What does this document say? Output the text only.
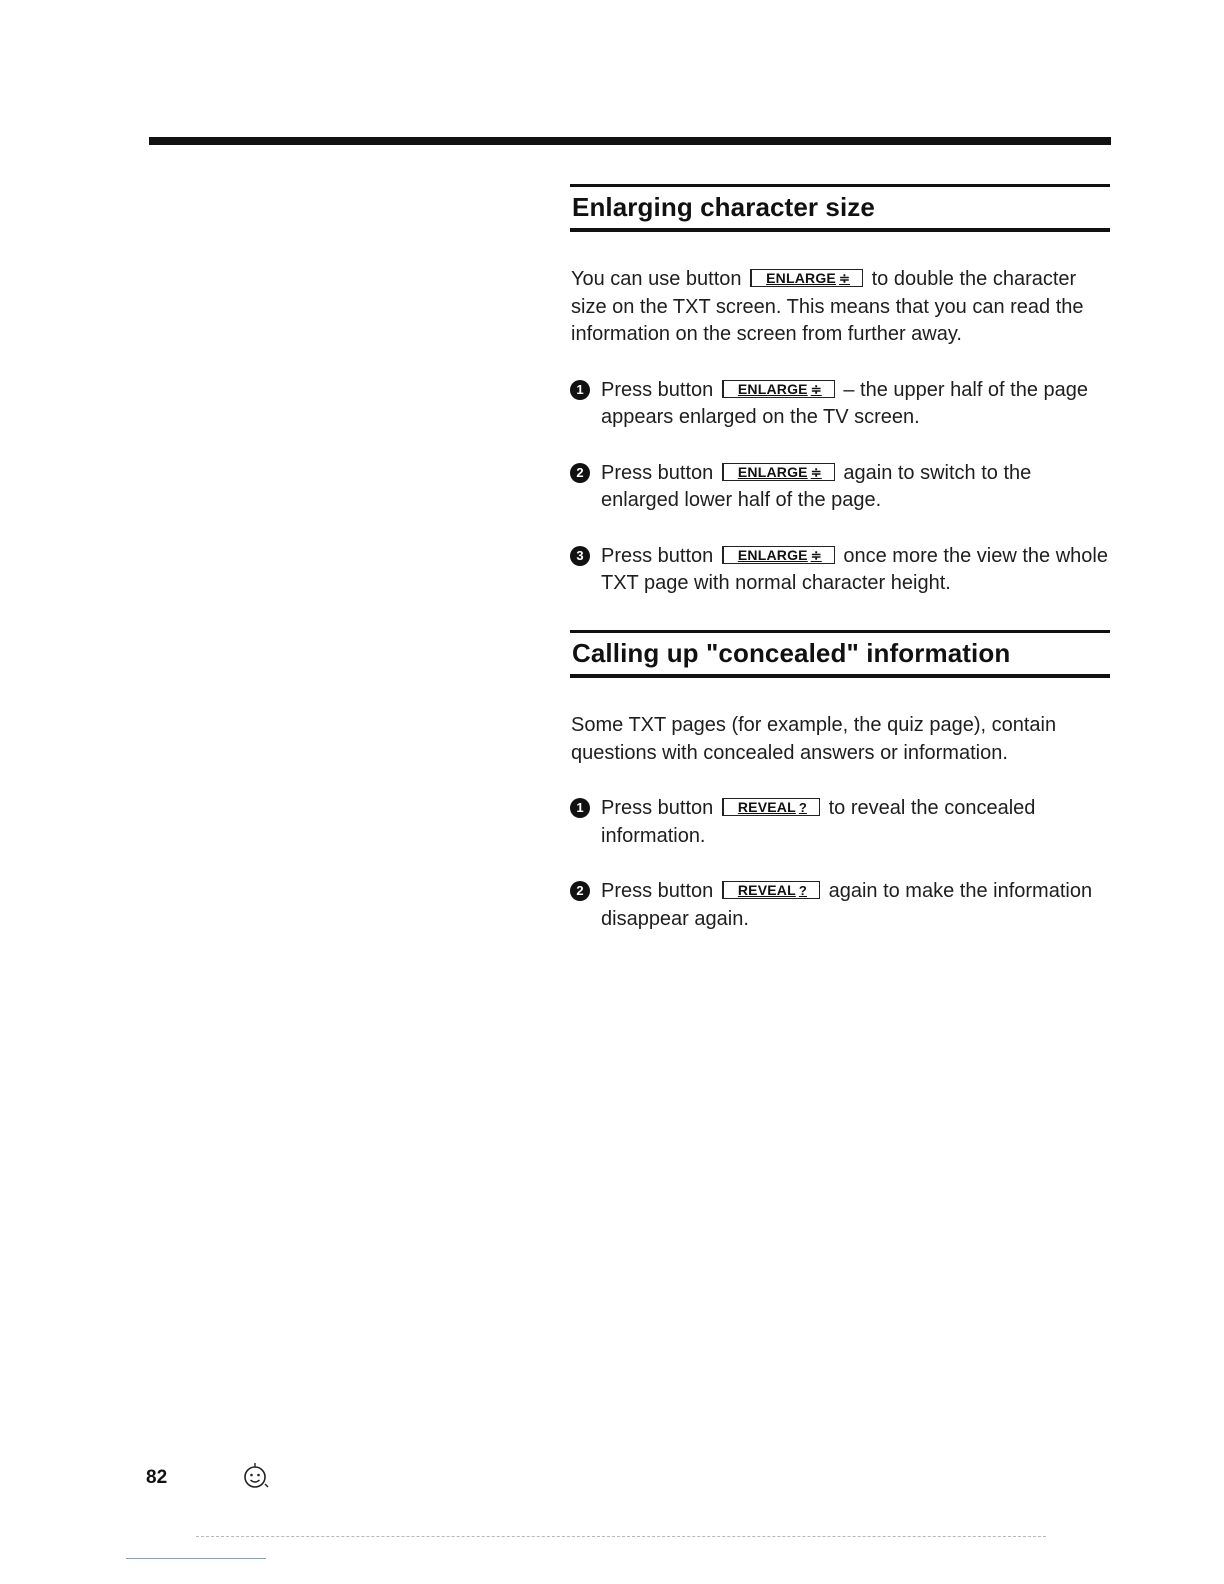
Enlarging character size

You can use button ENLARGE ≑ to double the character size on the TXT screen. This means that you can read the information on the screen from further away.

1 Press button ENLARGE ≑ – the upper half of the page appears enlarged on the TV screen.

2 Press button ENLARGE ≑ again to switch to the enlarged lower half of the page.

3 Press button ENLARGE ≑ once more the view the whole TXT page with normal character height.

Calling up "concealed" information

Some TXT pages (for example, the quiz page), contain questions with concealed answers or information.

1 Press button REVEAL ? to reveal the concealed information.

2 Press button REVEAL ? again to make the information disappear again.

82
